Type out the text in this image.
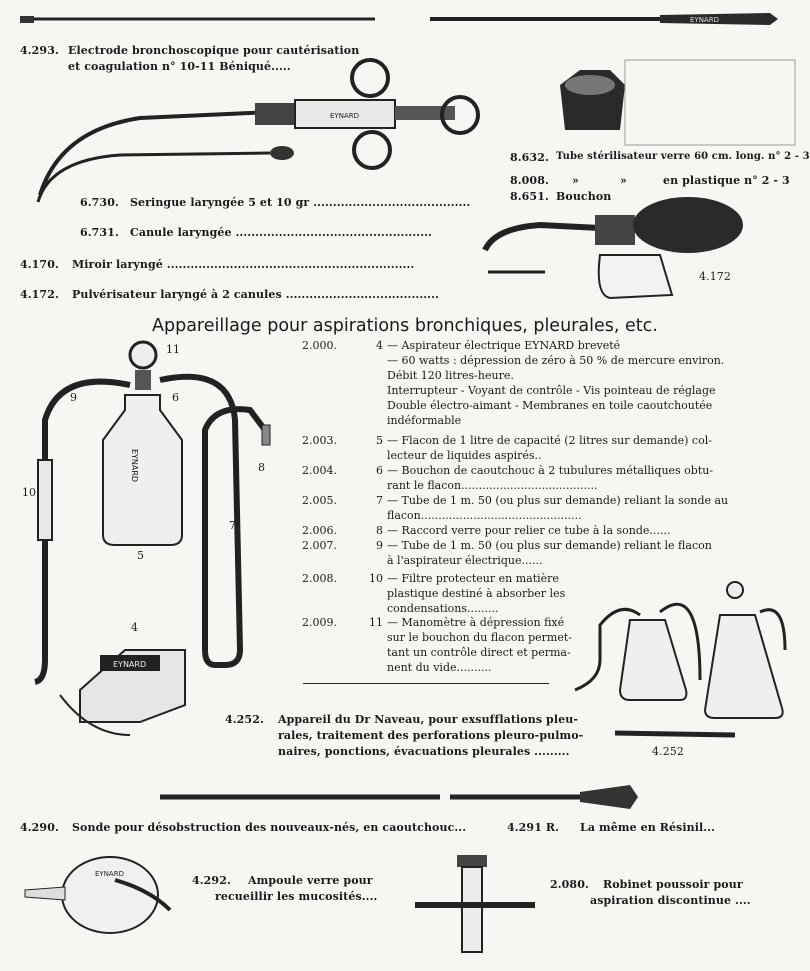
EYNARD
EYNARD
EYNARD
EYNARD
4.293. Electrode bronchoscopique pour cautérisation
et coagulation n° 10-11 Béniqué.....
6.730. Seringue laryngée 5 et 10 gr ........................................
6.731. Canule laryngée ..................................................
4.170. Miroir laryngé ...............................................................
4.172. Pulvérisateur laryngé à 2 canules .......................................
8.632. Tube stérilisateur verre 60 cm. long. n° 2 - 3
8.008. »	»	en plastique n° 2 - 3
8.651. Bouchon
4.172
Appareillage pour aspirations bronchiques, pleurales, etc.
11
9	6
8
10
7
5
4
EYNARD
2.000.	4 — Aspirateur électrique EYNARD breveté
— 60 watts : dépression de zéro à 50 % de mercure environ.
Débit 120 litres-heure.
Interrupteur - Voyant de contrôle - Vis pointeau de réglage
Double électro-aimant - Membranes en toile caoutchoutée
indéformable
2.003.	5 — Flacon de 1 litre de capacité (2 litres sur demande) col-
lecteur de liquides aspirés..
2.004.	6 — Bouchon de caoutchouc à 2 tubulures métalliques obtu-
rant le flacon.......................................
2.005.	7 — Tube de 1 m. 50 (ou plus sur demande) reliant la sonde au
flacon..............................................
2.006.	8 — Raccord verre pour relier ce tube à la sonde......
2.007.	9 — Tube de 1 m. 50 (ou plus sur demande) reliant le flacon
à l'aspirateur électrique......
2.008.	10 — Filtre protecteur en matière
plastique destiné à absorber les
condensations.........
2.009.	11 — Manomètre à dépression fixé
sur le bouchon du flacon permet-
tant un contrôle direct et perma-
nent du vide..........
4.252. Appareil du Dr Naveau, pour exsufflations pleu-
rales, traitement des perforations pleuro-pulmo-
naires, ponctions, évacuations pleurales .........	4.252
4.290. Sonde pour désobstruction des nouveaux-nés, en caoutchouc...	4.291 R. La même en Résinil...
4.292. Ampoule verre pour
recueillir les mucosités....
2.080. Robinet poussoir pour
aspiration discontinue ....
